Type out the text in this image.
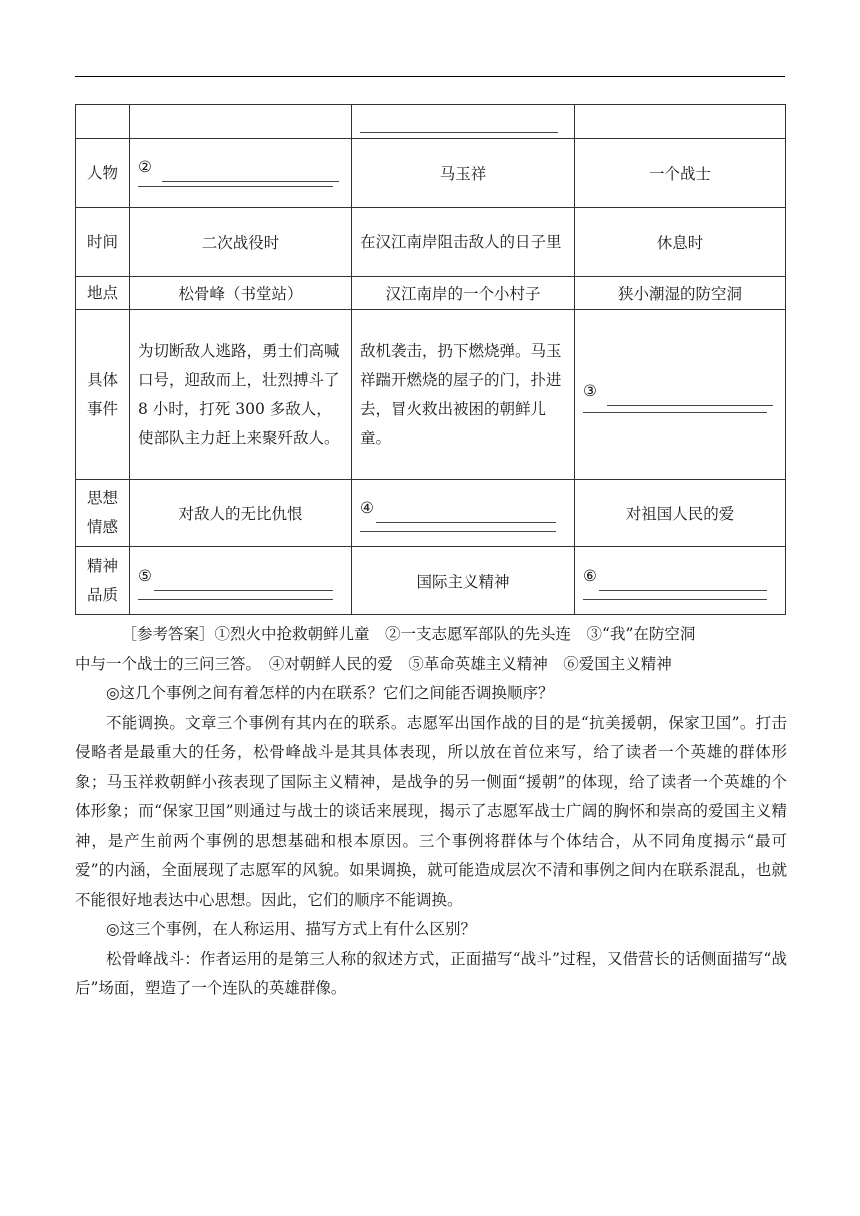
人物	②	马玉祥	一个战士
时间	二次战役时	在汉江南岸阻击敌人的日子里	休息时
地点	松骨峰（书堂站）	汉江南岸的一个小村子	狭小潮湿的防空洞

具体
事件	为切断敌人逃路，勇士们高喊口号，迎敌而上，壮烈搏斗了 8 小时，打死 300 多敌人，使部队主力赶上来聚歼敌人。	敌机袭击，扔下燃烧弹。马玉祥踹开燃烧的屋子的门，扑进去，冒火救出被困的朝鲜儿童。	③

思想
情感	对敌人的无比仇恨	④	对祖国人民的爱

精神
品质	⑤	国际主义精神	⑥

［参考答案］①烈火中抢救朝鲜儿童　②一支志愿军部队的先头连　③“我”在防空洞

中与一个战士的三问三答。　④对朝鲜人民的爱　⑤革命英雄主义精神　⑥爱国主义精神

◎这几个事例之间有着怎样的内在联系？它们之间能否调换顺序？

不能调换。文章三个事例有其内在的联系。志愿军出国作战的目的是“抗美援朝，保家卫国”。打击侵略者是最重大的任务，松骨峰战斗是其具体表现，所以放在首位来写，给了读者一个英雄的群体形象；马玉祥救朝鲜小孩表现了国际主义精神，是战争的另一侧面“援朝”的体现，给了读者一个英雄的个体形象；而“保家卫国”则通过与战士的谈话来展现，揭示了志愿军战士广阔的胸怀和崇高的爱国主义精神，是产生前两个事例的思想基础和根本原因。三个事例将群体与个体结合，从不同角度揭示“最可爱”的内涵，全面展现了志愿军的风貌。如果调换，就可能造成层次不清和事例之间内在联系混乱，也就不能很好地表达中心思想。因此，它们的顺序不能调换。

◎这三个事例，在人称运用、描写方式上有什么区别？

松骨峰战斗：作者运用的是第三人称的叙述方式，正面描写“战斗”过程，又借营长的话侧面描写“战后”场面，塑造了一个连队的英雄群像。
